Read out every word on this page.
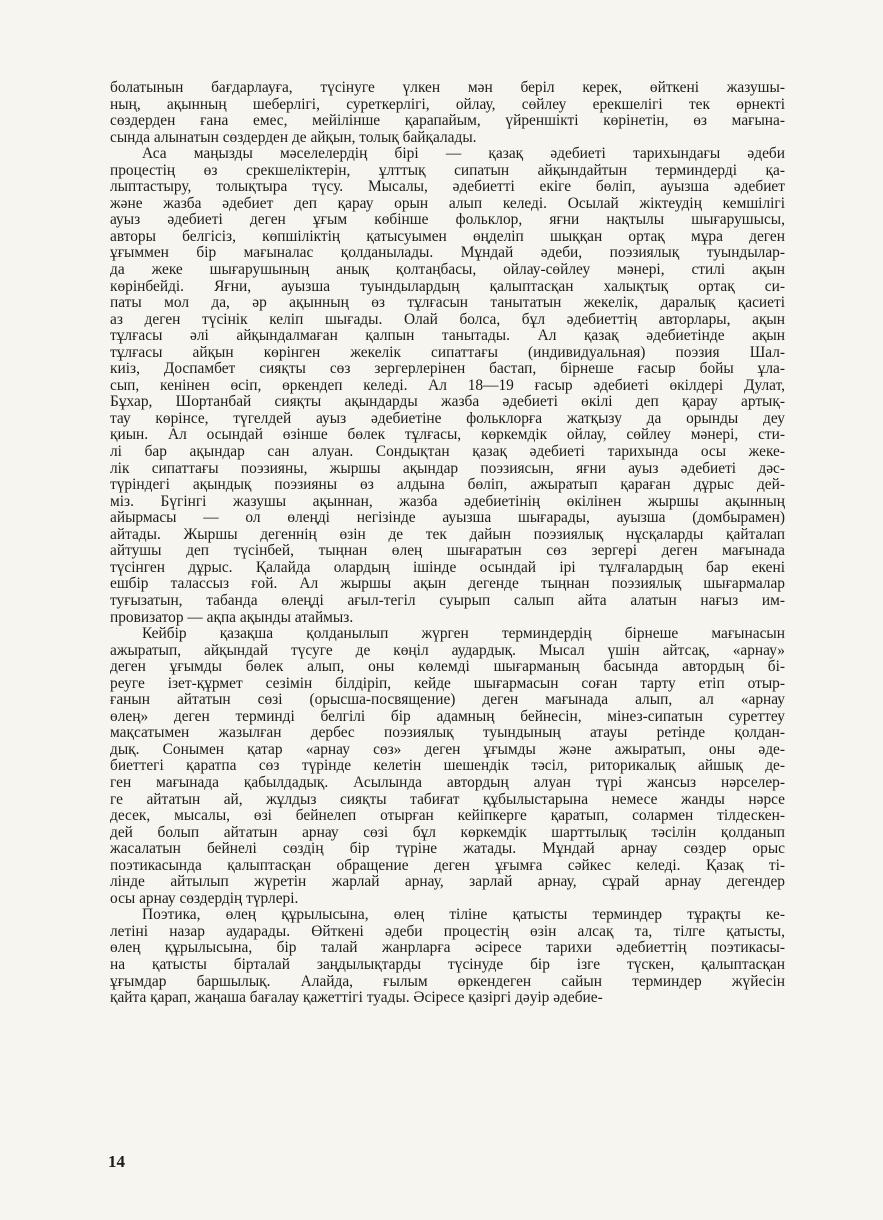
болатынын бағдарлауға, түсінуге үлкен мән беріл керек, өйткені жазушы-
ның, ақынның шеберлігі, суреткерлігі, ойлау, сөйлеу ерекшелігі тек өрнекті
сөздерден ғана емес, мейілінше қарапайым, үйреншікті көрінетін, өз мағына-
сында алынатын сөздерден де айқын, толық байқалады.

Аса маңызды мәселелердің бірі — қазақ әдебиеті тарихындағы әдеби
процестің өз срекшеліктерін, ұлттық сипатын айқындайтын терминдерді қа-
лыптастыру, толықтыра түсу. Мысалы, әдебиетті екіге бөліп, ауызша әдебиет
және жазба әдебиет деп қарау орын алып келеді. Осылай жіктеудің кемшілігі
ауыз әдебиеті деген ұғым көбінше фольклор, яғни нақтылы шығарушысы,
авторы белгісіз, көпшіліктің қатысуымен өңделіп шыққан ортақ мұра деген
ұғыммен бір мағыналас қолданылады. Мұндай әдеби, поэзиялық туындылар-
да жеке шығарушының анық қолтаңбасы, ойлау-сөйлеу мәнері, стилі ақын
көрінбейді. Яғни, ауызша туындылардың қалыптасқан халықтық ортақ си-
паты мол да, әр ақынның өз тұлғасын танытатын жекелік, даралық қасиеті
аз деген түсінік келіп шығады. Олай болса, бұл әдебиеттің авторлары, ақын
тұлғасы әлі айқындалмаған қалпын танытады. Ал қазақ әдебиетінде ақын
тұлғасы айқын көрінген жекелік сипаттағы (индивидуальная) поэзия Шал-
киіз, Доспамбет сияқты сөз зергерлерінен бастап, бірнеше ғасыр бойы ұла-
сып, кенінен өсіп, өркендеп келеді. Ал 18—19 ғасыр әдебиеті өкілдері Дулат,
Бұхар, Шортанбай сияқты ақындарды жазба әдебиеті өкілі деп қарау артық-
тау көрінсе, түгелдей ауыз әдебиетіне фольклорға жатқызу да орынды деу
қиын. Ал осындай өзінше бөлек тұлғасы, көркемдік ойлау, сөйлеу мәнері, сти-
лі бар ақындар сан алуан. Сондықтан қазақ әдебиеті тарихында осы жеке-
лік сипаттағы поэзияны, жыршы ақындар поэзиясын, яғни ауыз әдебиеті дәс-
түріндегі ақындық поэзияны өз алдына бөліп, ажыратып қараған дұрыс дей-
міз. Бүгінгі жазушы ақыннан, жазба әдебиетінің өкілінен жыршы ақынның
айырмасы — ол өлеңді негізінде ауызша шығарады, ауызша (домбырамен)
айтады. Жыршы дегеннің өзін де тек дайын поэзиялық нұсқаларды қайталап
айтушы деп түсінбей, тыңнан өлең шығаратын сөз зергері деген мағынада
түсінген дұрыс. Қалайда олардың ішінде осындай ірі тұлғалардың бар екені
ешбір талассыз ғой. Ал жыршы ақын дегенде тыңнан поэзиялық шығармалар
туғызатын, табанда өлеңді ағыл-тегіл суырып салып айта алатын нағыз им-
провизатор — ақпа ақынды атаймыз.

Кейбір қазақша қолданылып жүрген терминдердің бірнеше мағынасын
ажыратып, айқындай түсуге де көңіл аудардық. Мысал үшін айтсақ, «арнау»
деген ұғымды бөлек алып, оны көлемді шығарманың басында автордың бі-
реуге ізет-құрмет сезімін білдіріп, кейде шығармасын соған тарту етіп отыр-
ғанын айтатын сөзі (орысша-посвящение) деген мағынада алып, ал «арнау
өлең» деген терминді белгілі бір адамның бейнесін, мінез-сипатын суреттеу
мақсатымен жазылған дербес поэзиялық туындының атауы ретінде қолдан-
дық. Сонымен қатар «арнау сөз» деген ұғымды және ажыратып, оны әде-
биеттегі қаратпа сөз түрінде келетін шешендік тәсіл, риторикалық айшық де-
ген мағынада қабылдадық. Асылында автордың алуан түрі жансыз нәрселер-
ге айтатын ай, жұлдыз сияқты табиғат құбылыстарына немесе жанды нәрсе
десек, мысалы, өзі бейнелеп отырған кейіпкерге қаратып, солармен тілдескен-
дей болып айтатын арнау сөзі бұл көркемдік шарттылық тәсілін қолданып
жасалатын бейнелі сөздің бір түріне жатады. Мұндай арнау сөздер орыс
поэтикасында қалыптасқан обращение деген ұғымға сәйкес келеді. Қазақ ті-
лінде айтылып жүретін жарлай арнау, зарлай арнау, сұрай арнау дегендер
осы арнау сөздердің түрлері.

Поэтика, өлең құрылысына, өлең тіліне қатысты терминдер тұрақты ке-
летіні назар аударады. Өйткені әдеби процестің өзін алсақ та, тілге қатысты,
өлең құрылысына, бір талай жанрларға әсіресе тарихи әдебиеттің поэтикасы-
на қатысты бірталай заңдылықтарды түсінуде бір ізге түскен, қалыптасқан
ұғымдар баршылық. Алайда, ғылым өркендеген сайын терминдер жүйесін
қайта қарап, жаңаша бағалау қажеттігі туады. Әсіресе қазіргі дәуір әдебие-

14
